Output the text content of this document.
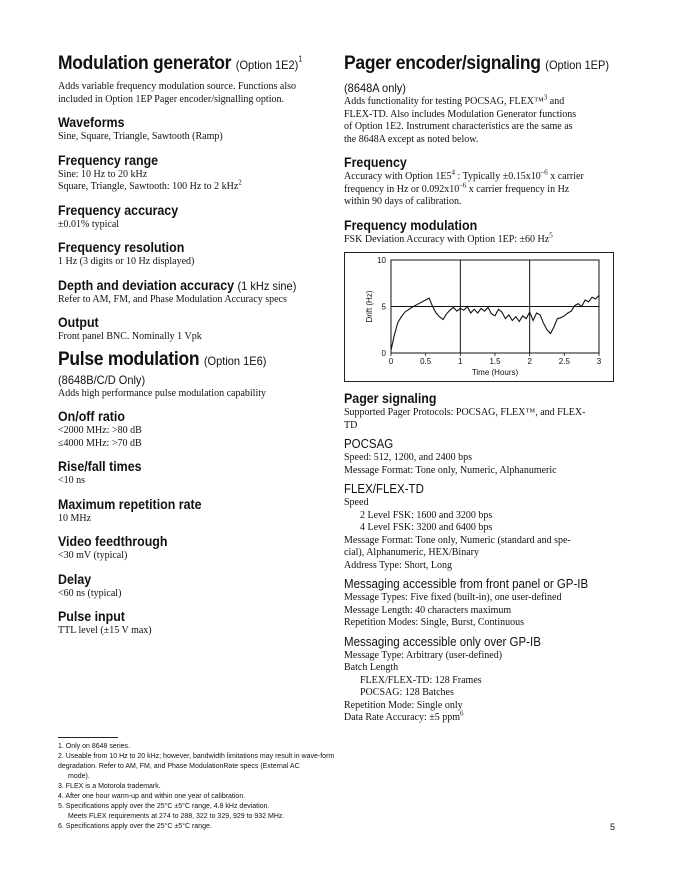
Modulation generator (Option 1E2)$^1$

Adds variable frequency modulation source. Functions also
included in Option 1EP Pager encoder/signalling option.

Waveforms

Sine, Square, Triangle, Sawtooth (Ramp)

Frequency range

Sine: 10 Hz to 20 kHz

Square, Triangle, Sawtooth: 100 Hz to 2 kHz$^2$

Frequency accuracy

±0.01% typical

Frequency resolution

1 Hz (3 digits or 10 Hz displayed)

Depth and deviation accuracy (1 kHz sine)

Refer to AM, FM, and Phase Modulation Accuracy specs

Output

Front panel BNC. Nominally 1 Vpk

Pulse modulation (Option 1E6)
(8648B/C/D Only)

Adds high performance pulse modulation capability

On/off ratio

<2000 MHz: >80 dB

≤4000 MHz: >70 dB

Rise/fall times

<10 ns

Maximum repetition rate

10 MHz

Video feedthrough

<30 mV (typical)

Delay

<60 ns (typical)

Pulse input

TTL level (±15 V max)

Pager encoder/signaling (Option 1EP)
(8648A only)

Adds functionality for testing POCSAG, FLEX™$^3$ and
FLEX-TD. Also includes Modulation Generator functions
of Option 1E2. Instrument characteristics are the same as
the 8648A except as noted below.

Frequency

Accuracy with Option $1E5^4$ : Typically $\pm 0.15x10^{-6}$ x carrier
frequency in Hz or $0.092x10^{-6}$ x carrier frequency in Hz
within 90 days of calibration.

Frequency modulation

FSK Deviation Accuracy with Option 1EP: ±60 Hz$^5$

0	0.5	1	1.5	2	2.5	3
0
5
10
Time (Hours)
Drift (Hz)
Pager signaling

Supported Pager Protocols: POCSAG, FLEX™, and FLEX-
TD

POCSAG

Speed: 512, 1200, and 2400 bps

Message Format: Tone only, Numeric, Alphanumeric

FLEX/FLEX-TD

Speed

2 Level FSK: 1600 and 3200 bps

4 Level FSK: 3200 and 6400 bps

Message Format: Tone only, Numeric (standard and spe-
cial), Alphanumeric, HEX/Binary

Address Type: Short, Long

Messaging accessible from front panel or GP-IB

Message Types: Five fixed (built-in), one user-defined

Message Length: 40 characters maximum

Repetition Modes: Single, Burst, Continuous

Messaging accessible only over GP-IB

Message Type: Arbitrary (user-defined)

Batch Length

FLEX/FLEX-TD: 128 Frames

POCSAG: 128 Batches

Repetition Mode: Single only

Data Rate Accuracy: ±5 ppm$^6$

1. Only on 8648 series.

2. Useable from 10 Hz to 20 kHz; however, bandwidth limitations may result in wave-form

degradation. Refer to AM, FM, and Phase ModulationRate specs (External AC

mode).

3. FLEX is a Motorola trademark.

4. After one hour warm-up and within one year of calibration.

5. Specifications apply over the 25°C ±5°C range, 4.8 kHz deviation.

Meets FLEX requirements at 274 to 288, 322 to 329, 929 to 932 MHz.

6. Specifications apply over the 25°C ±5°C range.	5
